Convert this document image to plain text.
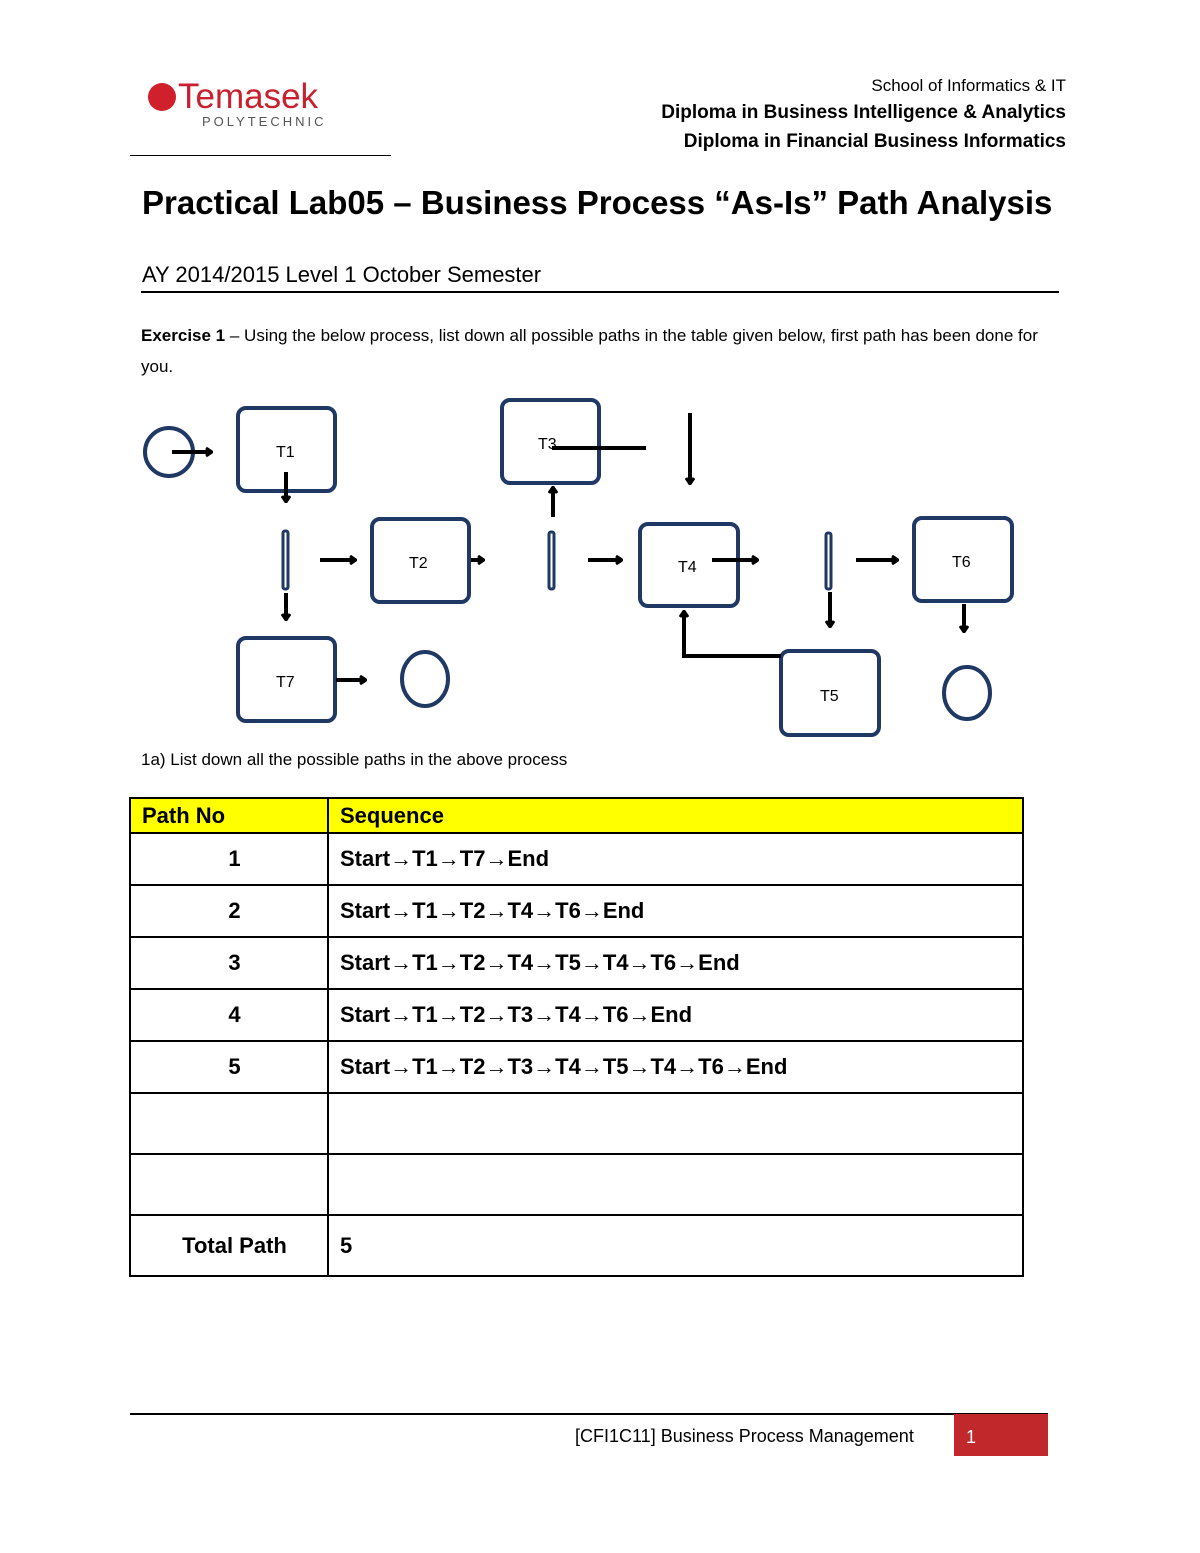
Temasek
POLYTECHNIC
School of Informatics & IT
Diploma in Business Intelligence & Analytics
Diploma in Financial Business Informatics
Practical Lab05 – Business Process “As-Is” Path Analysis
AY 2014/2015 Level 1 October Semester
Exercise 1 – Using the below process, list down all possible paths in the table given below, first path has been done for you.
T1
T2
T3
T4
T5
T6
T7
1a) List down all the possible paths in the above process
Path No	Sequence
1	Start→T1→T7→End
2	Start→T1→T2→T4→T6→End
3	Start→T1→T2→T4→T5→T4→T6→End
4	Start→T1→T2→T3→T4→T6→End
5	Start→T1→T2→T3→T4→T5→T4→T6→End

Total Path	5
[CFI1C11] Business Process Management	1
